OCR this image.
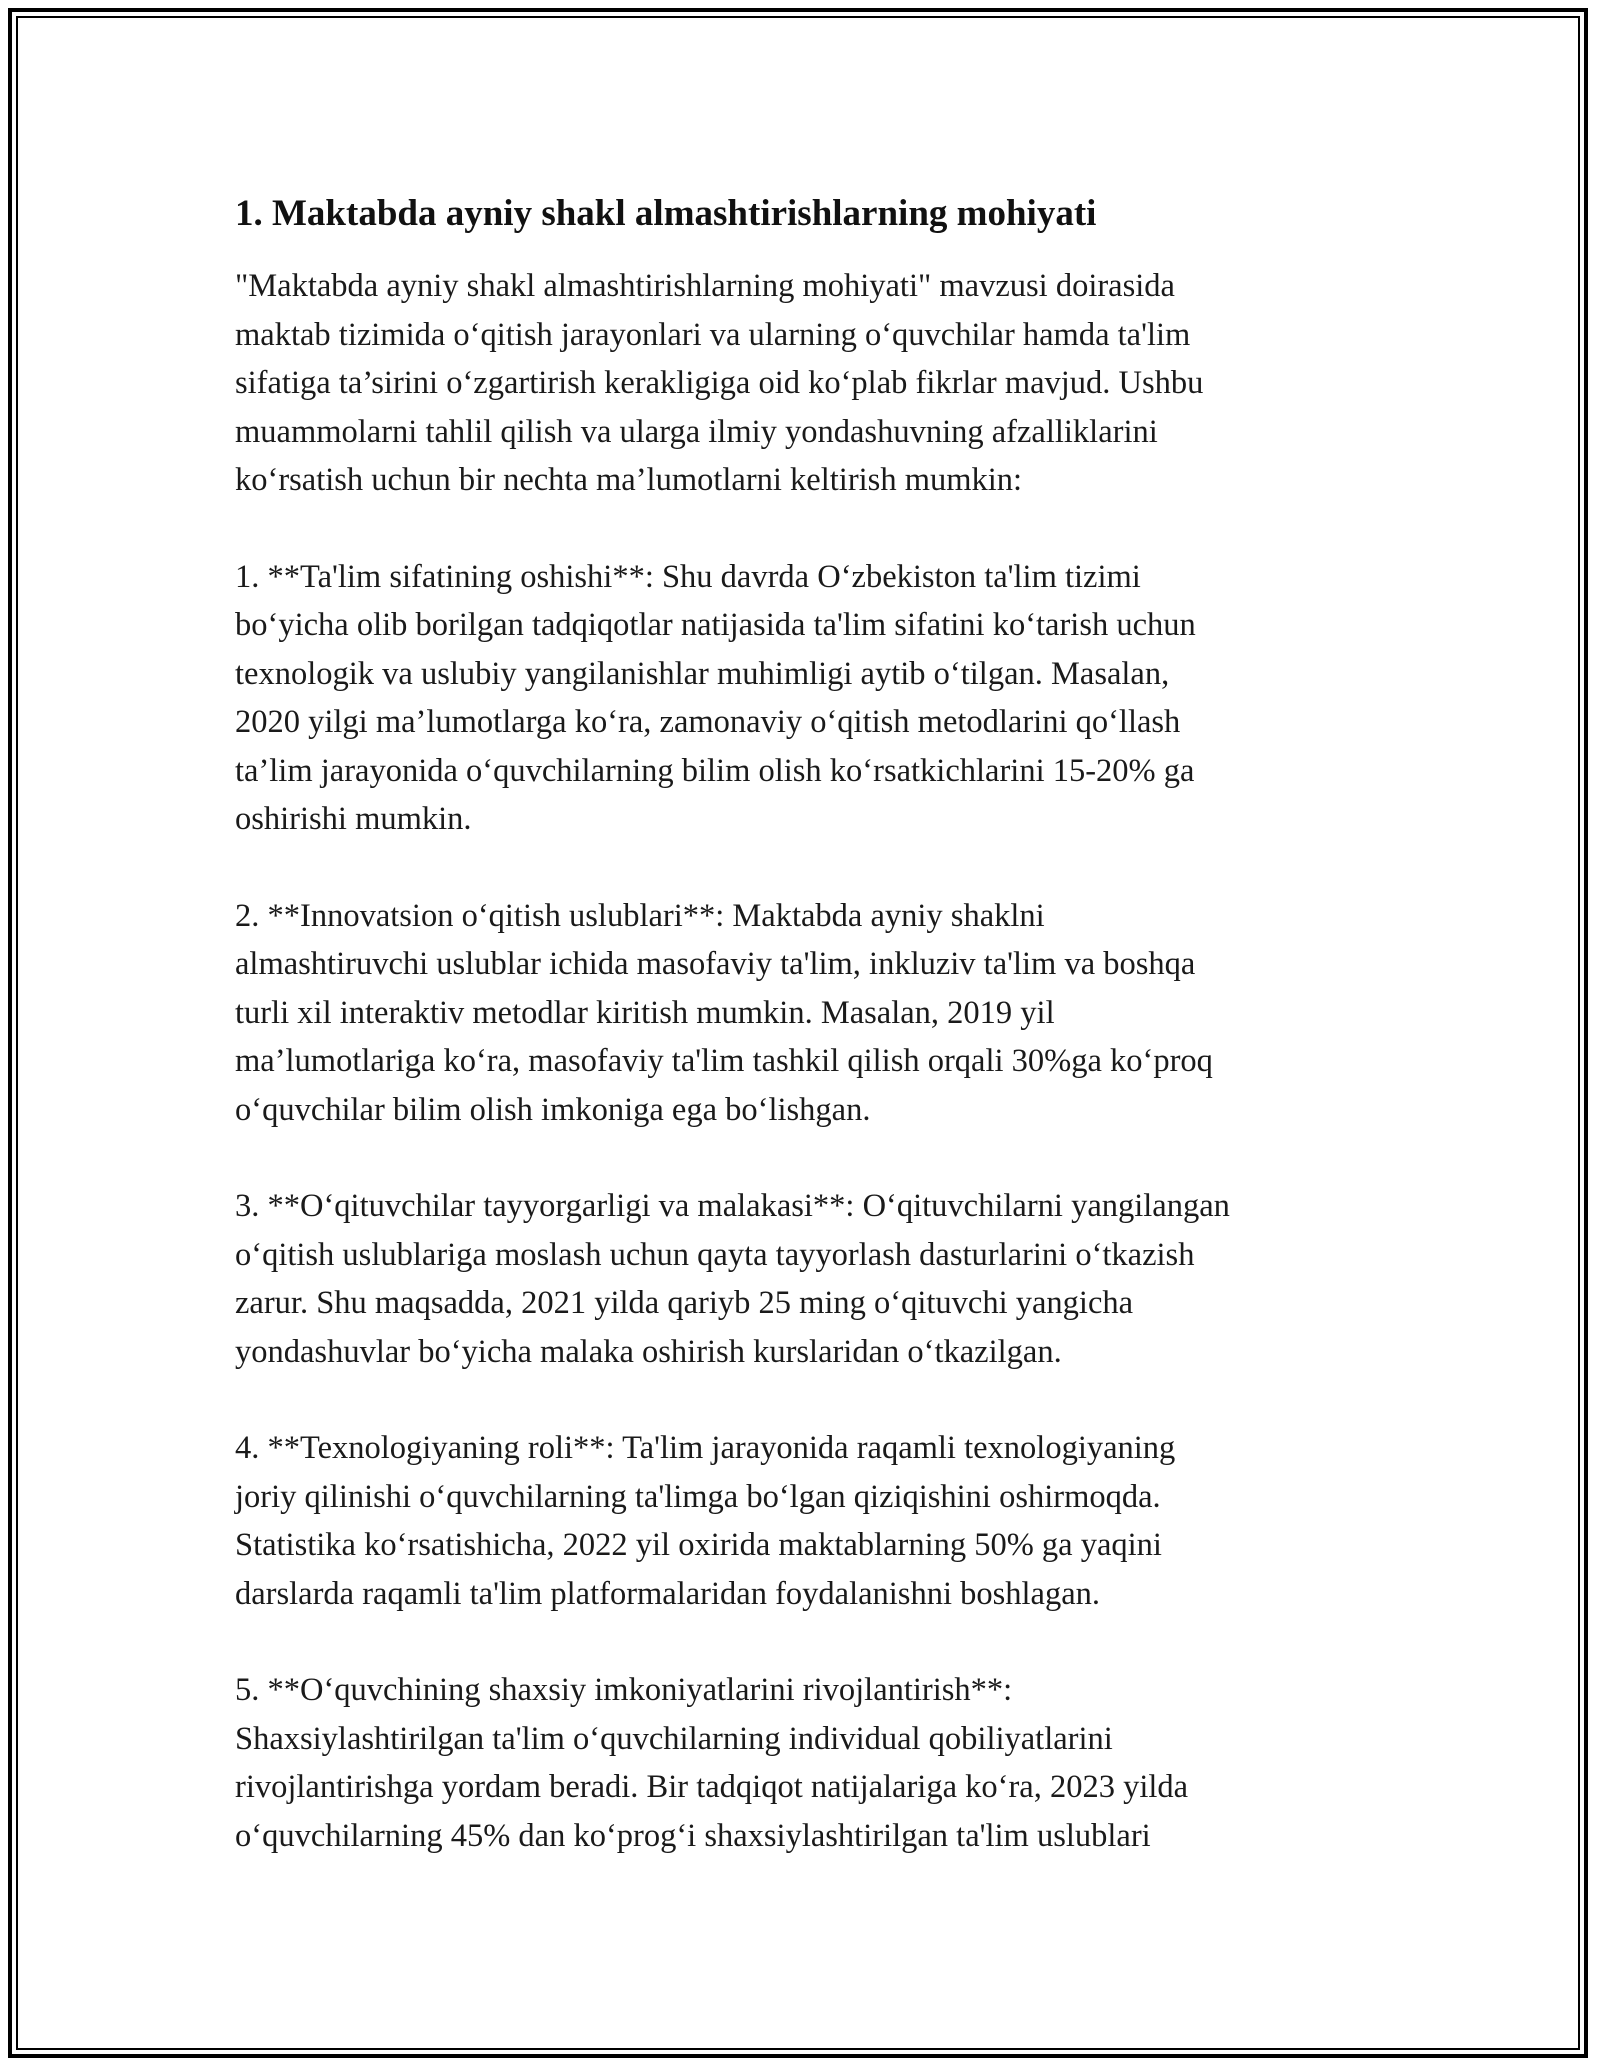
1. Maktabda ayniy shakl almashtirishlarning mohiyati

"Maktabda ayniy shakl almashtirishlarning mohiyati" mavzusi doirasida
maktab tizimida o‘qitish jarayonlari va ularning o‘quvchilar hamda ta'lim
sifatiga ta’sirini o‘zgartirish kerakligiga oid ko‘plab fikrlar mavjud. Ushbu
muammolarni tahlil qilish va ularga ilmiy yondashuvning afzalliklarini
ko‘rsatish uchun bir nechta ma’lumotlarni keltirish mumkin:

1. **Ta'lim sifatining oshishi**: Shu davrda O‘zbekiston ta'lim tizimi
bo‘yicha olib borilgan tadqiqotlar natijasida ta'lim sifatini ko‘tarish uchun
texnologik va uslubiy yangilanishlar muhimligi aytib o‘tilgan. Masalan,
2020 yilgi ma’lumotlarga ko‘ra, zamonaviy o‘qitish metodlarini qo‘llash
ta’lim jarayonida o‘quvchilarning bilim olish ko‘rsatkichlarini 15-20% ga
oshirishi mumkin.

2. **Innovatsion o‘qitish uslublari**: Maktabda ayniy shaklni
almashtiruvchi uslublar ichida masofaviy ta'lim, inkluziv ta'lim va boshqa
turli xil interaktiv metodlar kiritish mumkin. Masalan, 2019 yil
ma’lumotlariga ko‘ra, masofaviy ta'lim tashkil qilish orqali 30%ga ko‘proq
o‘quvchilar bilim olish imkoniga ega bo‘lishgan.

3. **O‘qituvchilar tayyorgarligi va malakasi**: O‘qituvchilarni yangilangan
o‘qitish uslublariga moslash uchun qayta tayyorlash dasturlarini o‘tkazish
zarur. Shu maqsadda, 2021 yilda qariyb 25 ming o‘qituvchi yangicha
yondashuvlar bo‘yicha malaka oshirish kurslaridan o‘tkazilgan.

4. **Texnologiyaning roli**: Ta'lim jarayonida raqamli texnologiyaning
joriy qilinishi o‘quvchilarning ta'limga bo‘lgan qiziqishini oshirmoqda.
Statistika ko‘rsatishicha, 2022 yil oxirida maktablarning 50% ga yaqini
darslarda raqamli ta'lim platformalaridan foydalanishni boshlagan.

5. **O‘quvchining shaxsiy imkoniyatlarini rivojlantirish**:
Shaxsiylashtirilgan ta'lim o‘quvchilarning individual qobiliyatlarini
rivojlantirishga yordam beradi. Bir tadqiqot natijalariga ko‘ra, 2023 yilda
o‘quvchilarning 45% dan ko‘prog‘i shaxsiylashtirilgan ta'lim uslublari
